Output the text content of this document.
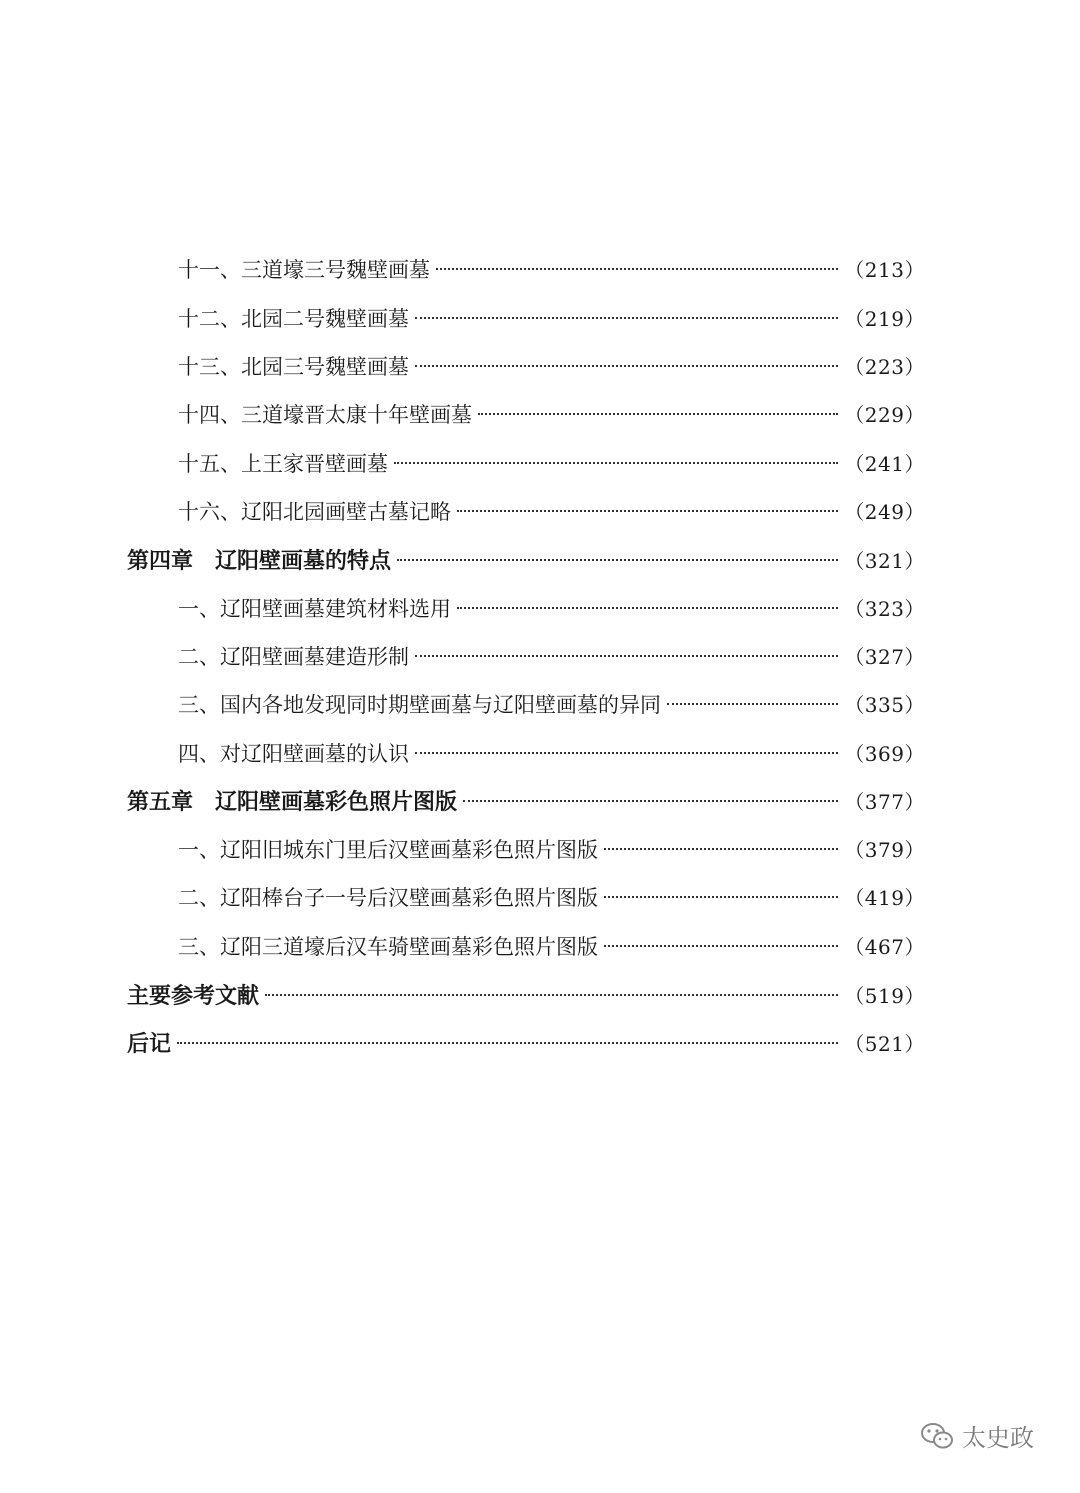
十一、三道壕三号魏壁画墓	（213）
十二、北园二号魏壁画墓	（219）
十三、北园三号魏壁画墓	（223）
十四、三道壕晋太康十年壁画墓	（229）
十五、上王家晋壁画墓	（241）
十六、辽阳北园画壁古墓记略	（249）
第四章　辽阳壁画墓的特点	（321）
一、辽阳壁画墓建筑材料选用	（323）
二、辽阳壁画墓建造形制	（327）
三、国内各地发现同时期壁画墓与辽阳壁画墓的异同	（335）
四、对辽阳壁画墓的认识	（369）
第五章　辽阳壁画墓彩色照片图版	（377）
一、辽阳旧城东门里后汉壁画墓彩色照片图版	（379）
二、辽阳棒台子一号后汉壁画墓彩色照片图版	（419）
三、辽阳三道壕后汉车骑壁画墓彩色照片图版	（467）
主要参考文献	（519）
后记	（521）
太史政
